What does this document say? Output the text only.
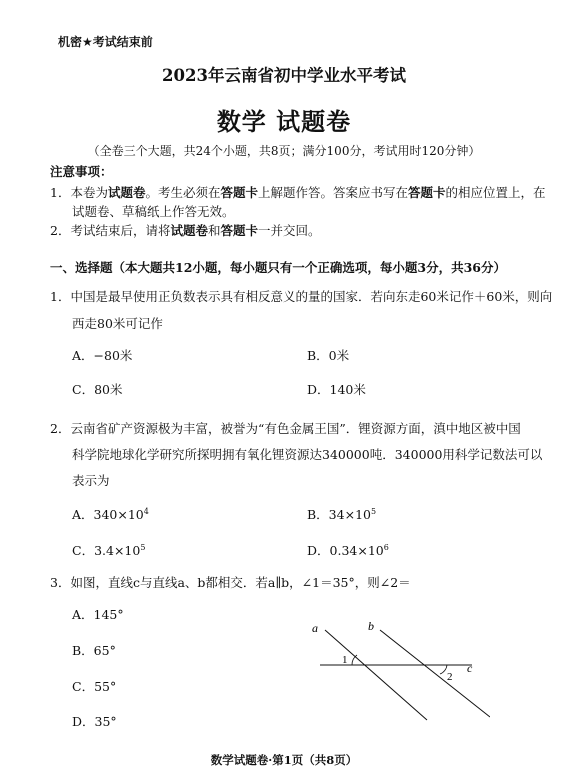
机密★考试结束前
2023年云南省初中学业水平考试
数学 试题卷
（全卷三个大题，共24个小题，共8页；满分100分，考试用时120分钟）
注意事项：
1．本卷为试题卷。考生必须在答题卡上解题作答。答案应书写在答题卡的相应位置上，在
试题卷、草稿纸上作答无效。
2．考试结束后，请将试题卷和答题卡一并交回。
一、选择题（本大题共12小题，每小题只有一个正确选项，每小题3分，共36分）
1．中国是最早使用正负数表示具有相反意义的量的国家．若向东走60米记作＋60米，则向
西走80米可记作
A．−80米	B．0米
C．80米	D．140米
2．云南省矿产资源极为丰富，被誉为“有色金属王国”．锂资源方面，滇中地区被中国
科学院地球化学研究所探明拥有氧化锂资源达340000吨．340000用科学记数法可以
表示为
A．$340\times 10^4$	B．$34\times 10^5$
C．$3.4\times 10^5$	D．$0.34\times 10^6$
3．如图，直线c与直线a、b都相交．若a∥b，∠1＝35°，则∠2＝
A．145°
B．65°
C．55°
D．35°
a	b
c
1
2
数学试题卷·第1页（共8页）
